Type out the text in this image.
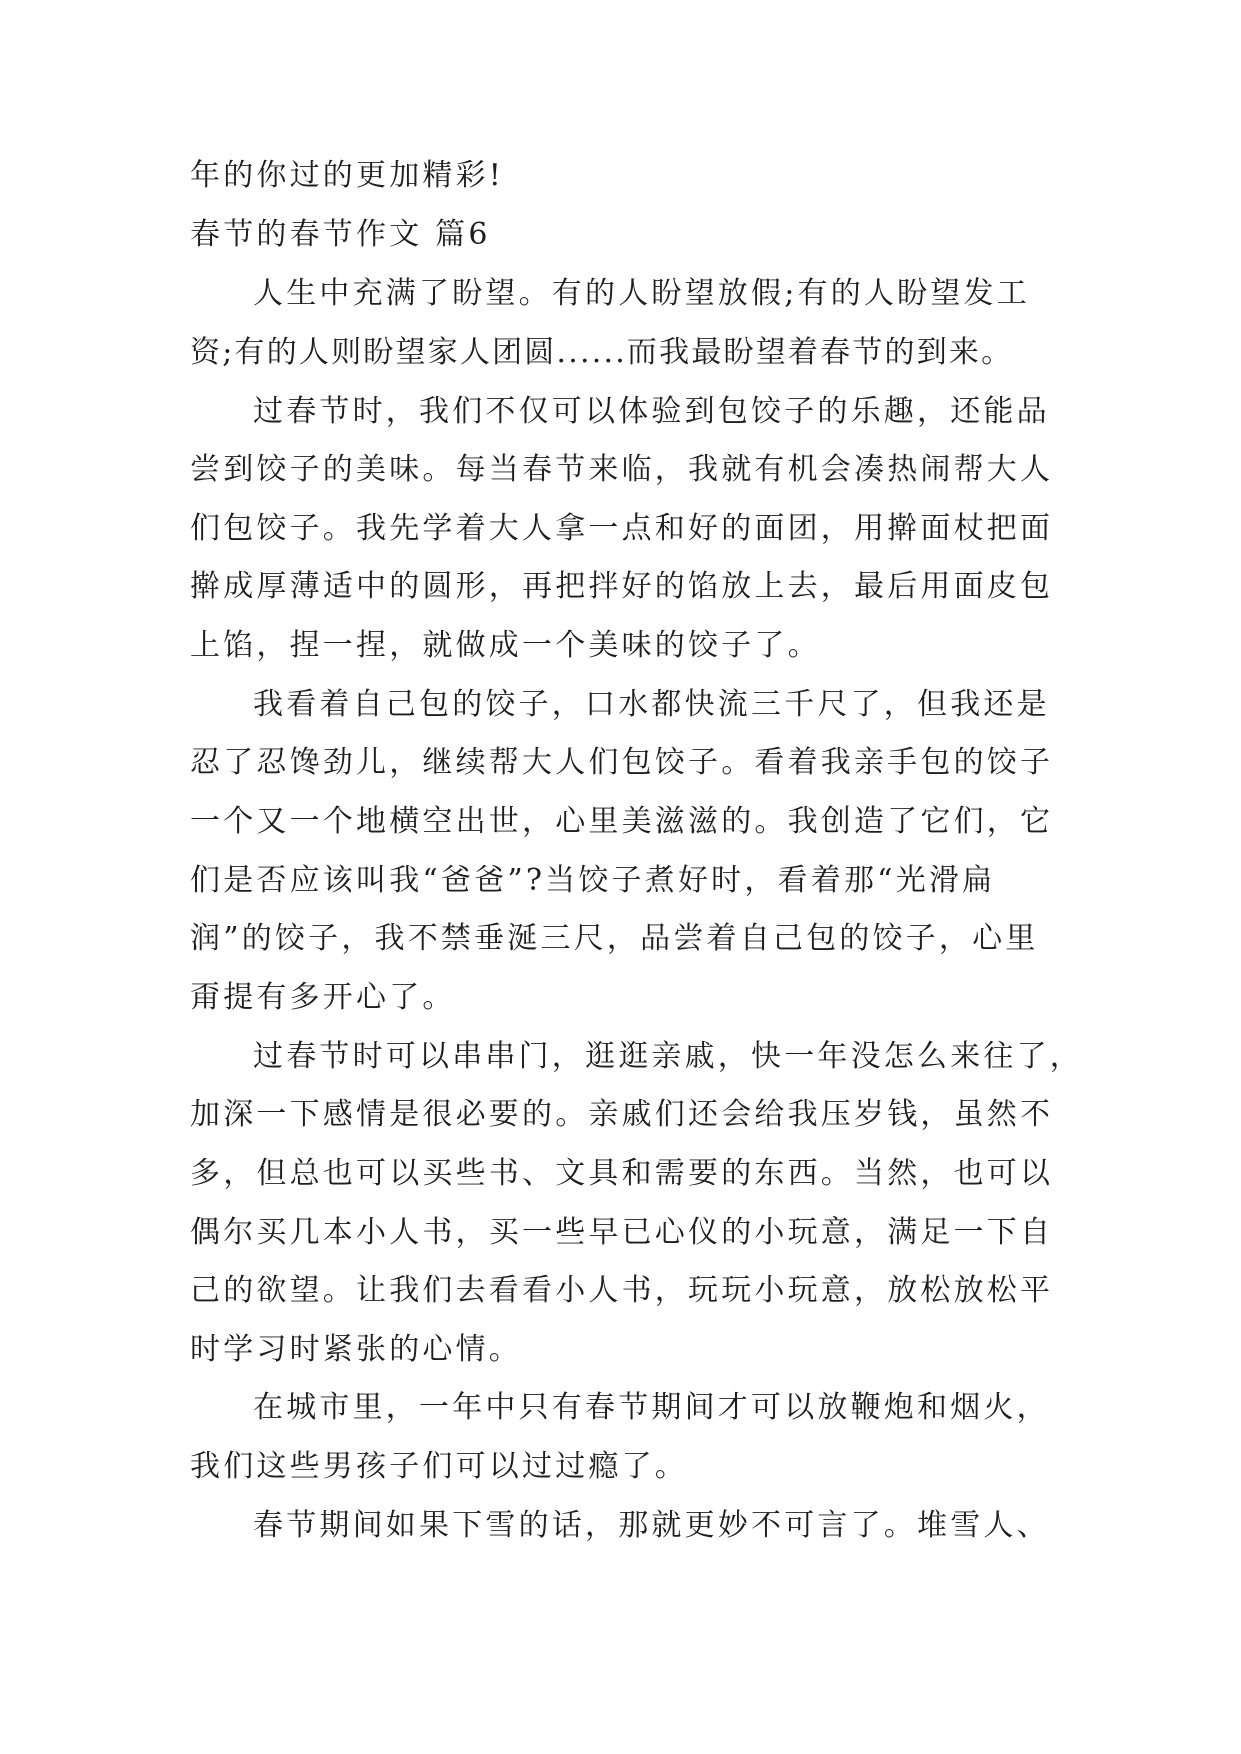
年的你过的更加精彩!
春节的春节作文 篇6
人生中充满了盼望。有的人盼望放假;有的人盼望发工
资;有的人则盼望家人团圆......而我最盼望着春节的到来。
过春节时，我们不仅可以体验到包饺子的乐趣，还能品
尝到饺子的美味。每当春节来临，我就有机会凑热闹帮大人
们包饺子。我先学着大人拿一点和好的面团，用擀面杖把面
擀成厚薄适中的圆形，再把拌好的馅放上去，最后用面皮包
上馅，捏一捏，就做成一个美味的饺子了。
我看着自己包的饺子，口水都快流三千尺了，但我还是
忍了忍馋劲儿，继续帮大人们包饺子。看着我亲手包的饺子
一个又一个地横空出世，心里美滋滋的。我创造了它们，它
们是否应该叫我“爸爸”?当饺子煮好时，看着那“光滑扁
润”的饺子，我不禁垂涎三尺，品尝着自己包的饺子，心里
甭提有多开心了。
过春节时可以串串门，逛逛亲戚，快一年没怎么来往了，
加深一下感情是很必要的。亲戚们还会给我压岁钱，虽然不
多，但总也可以买些书、文具和需要的东西。当然，也可以
偶尔买几本小人书，买一些早已心仪的小玩意，满足一下自
己的欲望。让我们去看看小人书，玩玩小玩意，放松放松平
时学习时紧张的心情。
在城市里，一年中只有春节期间才可以放鞭炮和烟火，
我们这些男孩子们可以过过瘾了。
春节期间如果下雪的话，那就更妙不可言了。堆雪人、
